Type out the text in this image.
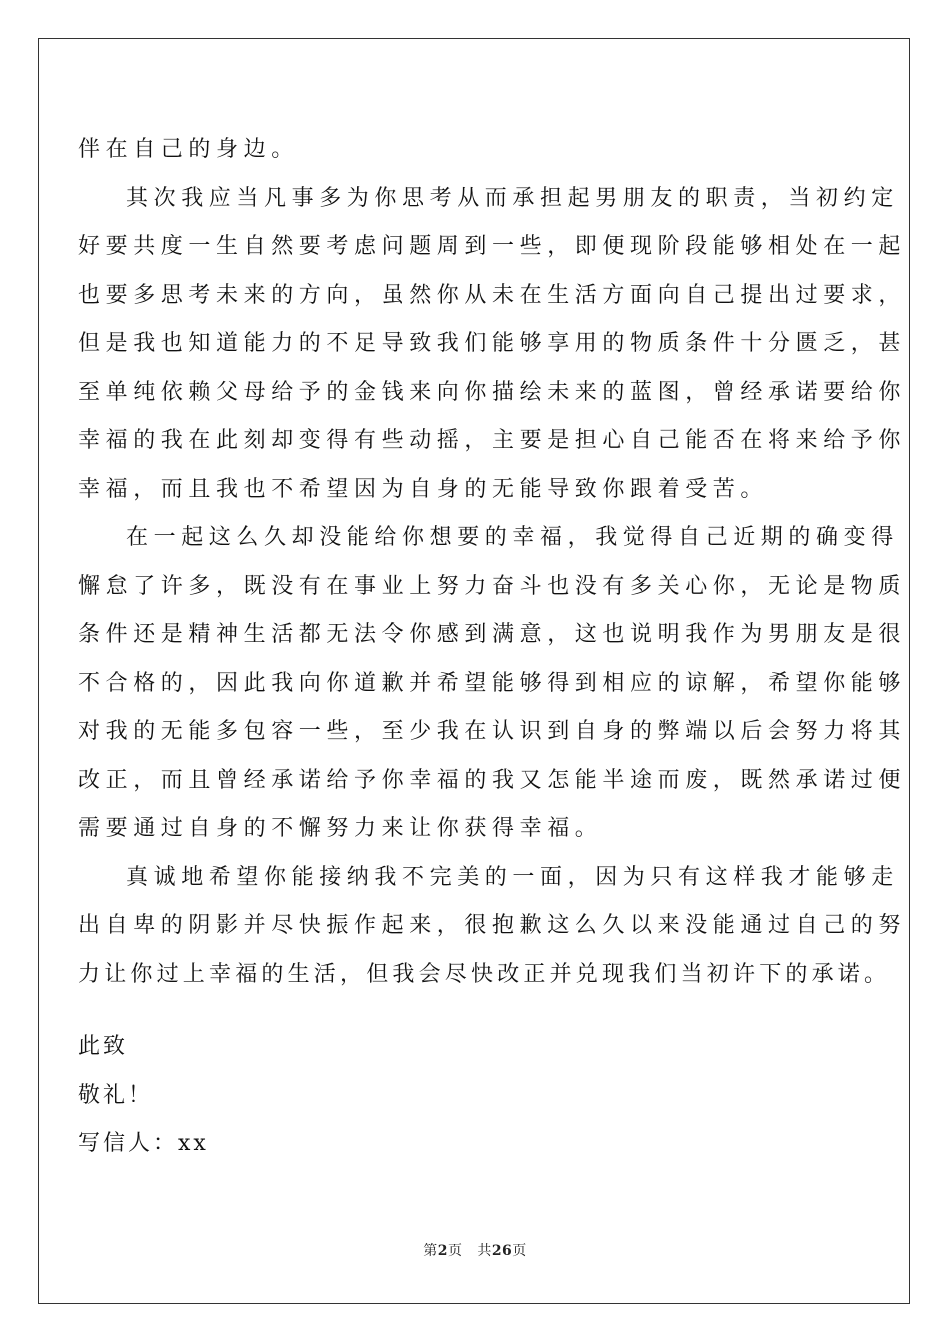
伴在自己的身边。
其次我应当凡事多为你思考从而承担起男朋友的职责，当初约定
好要共度一生自然要考虑问题周到一些，即便现阶段能够相处在一起
也要多思考未来的方向，虽然你从未在生活方面向自己提出过要求，
但是我也知道能力的不足导致我们能够享用的物质条件十分匮乏，甚
至单纯依赖父母给予的金钱来向你描绘未来的蓝图，曾经承诺要给你
幸福的我在此刻却变得有些动摇，主要是担心自己能否在将来给予你
幸福，而且我也不希望因为自身的无能导致你跟着受苦。
在一起这么久却没能给你想要的幸福，我觉得自己近期的确变得
懈怠了许多，既没有在事业上努力奋斗也没有多关心你，无论是物质
条件还是精神生活都无法令你感到满意，这也说明我作为男朋友是很
不合格的，因此我向你道歉并希望能够得到相应的谅解，希望你能够
对我的无能多包容一些，至少我在认识到自身的弊端以后会努力将其
改正，而且曾经承诺给予你幸福的我又怎能半途而废，既然承诺过便
需要通过自身的不懈努力来让你获得幸福。
真诚地希望你能接纳我不完美的一面，因为只有这样我才能够走
出自卑的阴影并尽快振作起来，很抱歉这么久以来没能通过自己的努
力让你过上幸福的生活，但我会尽快改正并兑现我们当初许下的承诺。
此致
敬礼！
写信人：xx
第2页 共26页
